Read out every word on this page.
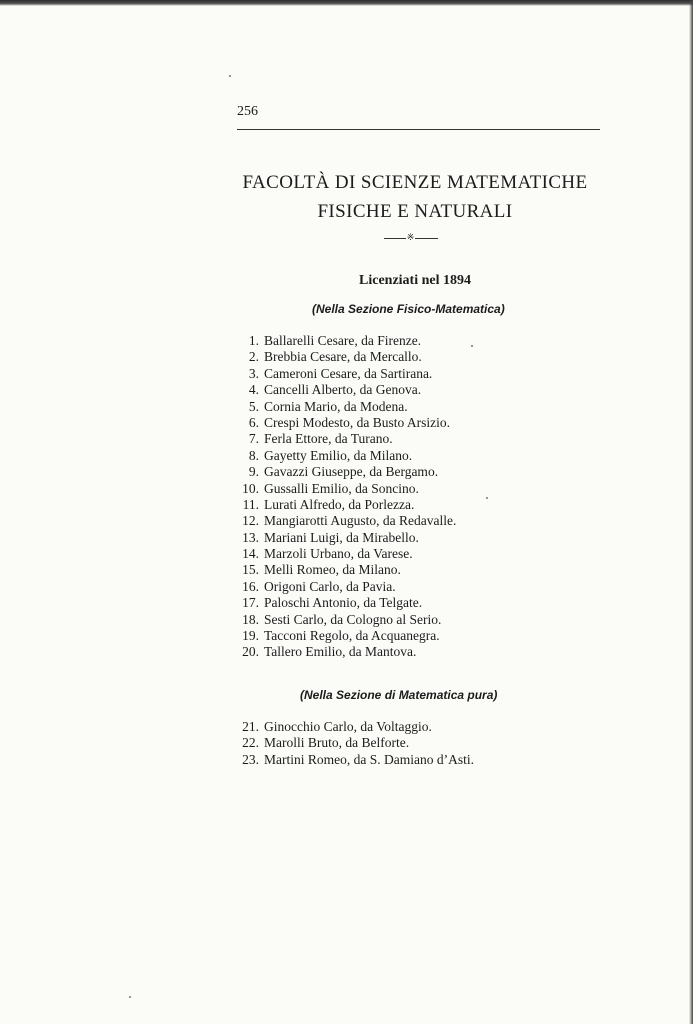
256
FACOLTÀ DI SCIENZE MATEMATICHE
FISICHE E NATURALI
※
Licenziati nel 1894
(Nella Sezione Fisico-Matematica)
1. Ballarelli Cesare, da Firenze.
2. Brebbia Cesare, da Mercallo.
3. Cameroni Cesare, da Sartirana.
4. Cancelli Alberto, da Genova.
5. Cornia Mario, da Modena.
6. Crespi Modesto, da Busto Arsizio.
7. Ferla Ettore, da Turano.
8. Gayetty Emilio, da Milano.
9. Gavazzi Giuseppe, da Bergamo.
10. Gussalli Emilio, da Soncino.
11. Lurati Alfredo, da Porlezza.
12. Mangiarotti Augusto, da Redavalle.
13. Mariani Luigi, da Mirabello.
14. Marzoli Urbano, da Varese.
15. Melli Romeo, da Milano.
16. Origoni Carlo, da Pavia.
17. Paloschi Antonio, da Telgate.
18. Sesti Carlo, da Cologno al Serio.
19. Tacconi Regolo, da Acquanegra.
20. Tallero Emilio, da Mantova.
(Nella Sezione di Matematica pura)
21. Ginocchio Carlo, da Voltaggio.
22. Marolli Bruto, da Belforte.
23. Martini Romeo, da S. Damiano d’Asti.
